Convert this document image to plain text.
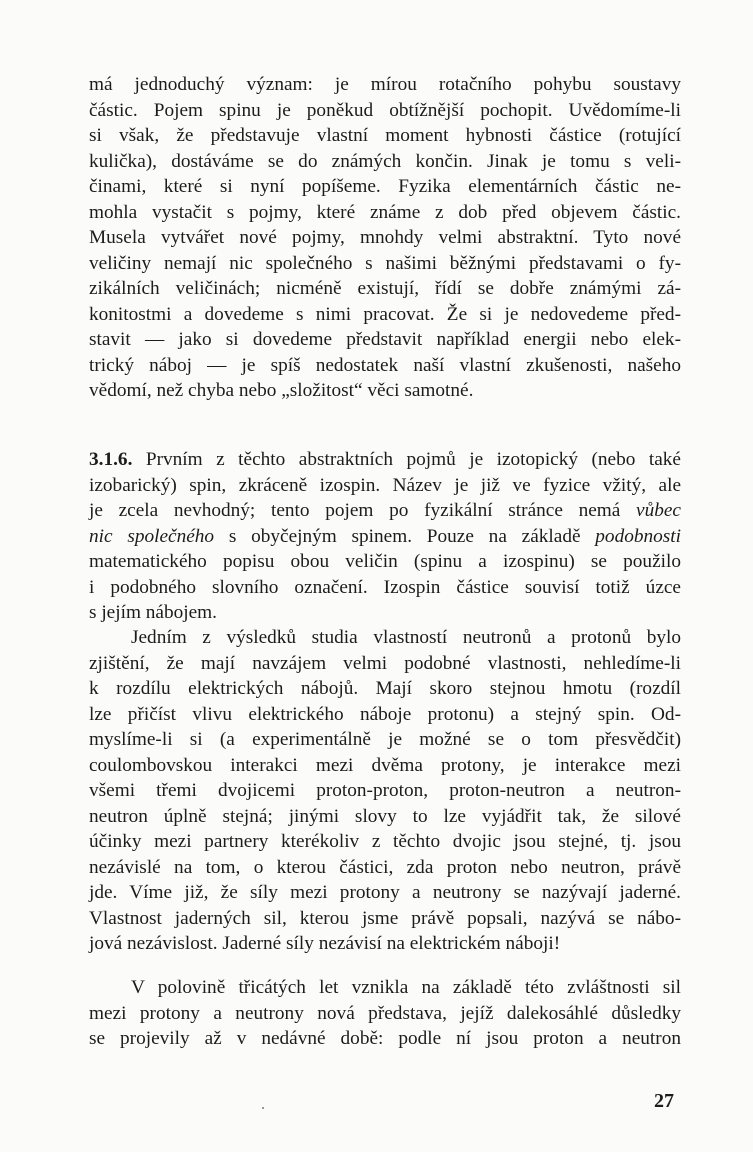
má jednoduchý význam: je mírou rotačního pohybu soustavy
částic. Pojem spinu je poněkud obtížnější pochopit. Uvědomíme-li
si však, že představuje vlastní moment hybnosti částice (rotující
kulička), dostáváme se do známých končin. Jinak je tomu s veli-
činami, které si nyní popíšeme. Fyzika elementárních částic ne-
mohla vystačit s pojmy, které známe z dob před objevem částic.
Musela vytvářet nové pojmy, mnohdy velmi abstraktní. Tyto nové
veličiny nemají nic společného s našimi běžnými představami o fy-
zikálních veličinách; nicméně existují, řídí se dobře známými zá-
konitostmi a dovedeme s nimi pracovat. Že si je nedovedeme před-
stavit — jako si dovedeme představit například energii nebo elek-
trický náboj — je spíš nedostatek naší vlastní zkušenosti, našeho
vědomí, než chyba nebo „složitost“ věci samotné.
3.1.6. Prvním z těchto abstraktních pojmů je izotopický (nebo také
izobarický) spin, zkráceně izospin. Název je již ve fyzice vžitý, ale
je zcela nevhodný; tento pojem po fyzikální stránce nemá vůbec
nic společného s obyčejným spinem. Pouze na základě podobnosti
matematického popisu obou veličin (spinu a izospinu) se použilo
i podobného slovního označení. Izospin částice souvisí totiž úzce
s jejím nábojem.
Jedním z výsledků studia vlastností neutronů a protonů bylo
zjištění, že mají navzájem velmi podobné vlastnosti, nehledíme-li
k rozdílu elektrických nábojů. Mají skoro stejnou hmotu (rozdíl
lze přičíst vlivu elektrického náboje protonu) a stejný spin. Od-
myslíme-li si (a experimentálně je možné se o tom přesvědčit)
coulombovskou interakci mezi dvěma protony, je interakce mezi
všemi třemi dvojicemi proton-proton, proton-neutron a neutron-
neutron úplně stejná; jinými slovy to lze vyjádřit tak, že silové
účinky mezi partnery kterékoliv z těchto dvojic jsou stejné, tj. jsou
nezávislé na tom, o kterou částici, zda proton nebo neutron, právě
jde. Víme již, že síly mezi protony a neutrony se nazývají jaderné.
Vlastnost jaderných sil, kterou jsme právě popsali, nazývá se nábo-
jová nezávislost. Jaderné síly nezávisí na elektrickém náboji!
V polovině třicátých let vznikla na základě této zvláštnosti sil
mezi protony a neutrony nová představa, jejíž dalekosáhlé důsledky
se projevily až v nedávné době: podle ní jsou proton a neutron
27
